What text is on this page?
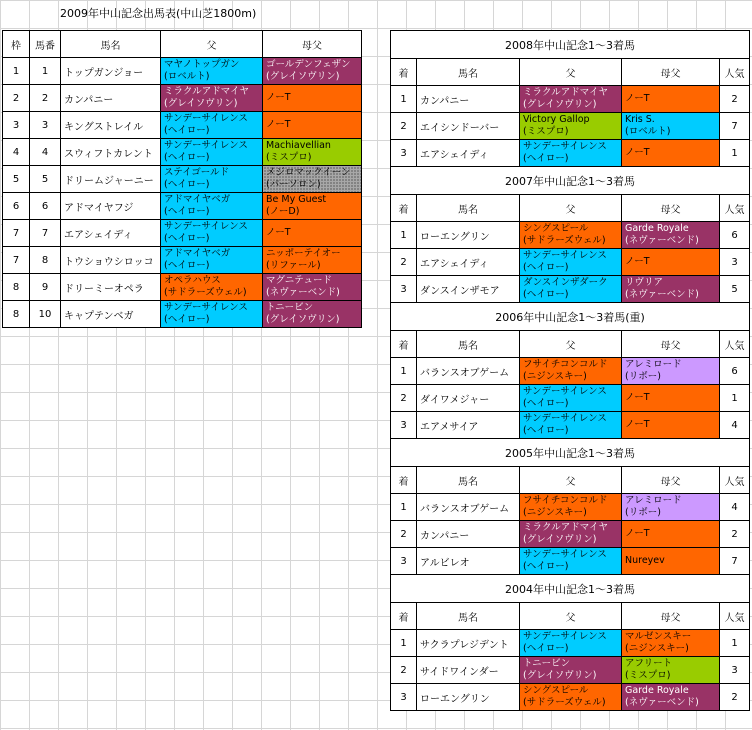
2009年中山記念出馬表(中山芝1800m)
枠	馬番	馬名	父	母父
1	1	トップガンジョー	マヤノトップガン
(ロベルト)	ゴールデンフェザン
(グレイソヴリン)

2	2	カンパニー	ミラクルアドマイヤ
(グレイソヴリン)	ノーT

3	3	キングストレイル	サンデーサイレンス
(ヘイロー)	ノーT

4	4	スウィフトカレント	サンデーサイレンス
(ヘイロー)	Machiavellian
(ミスプロ)

5	5	ドリームジャーニー	ステイゴールド
(ヘイロー)	メジロマックイーン
(パーソロン)

6	6	アドマイヤフジ	アドマイヤベガ
(ヘイロー)	Be My Guest
(ノーD)

7	7	エアシェイディ	サンデーサイレンス
(ヘイロー)	ノーT

7	8	トウショウシロッコ	アドマイヤベガ
(ヘイロー)	ニッポーテイオー
(リファール)

8	9	ドリーミーオペラ	オペラハウス
(サドラーズウェル)	マグニテュード
(ネヴァーベンド)

8	10	キャプテンベガ	サンデーサイレンス
(ヘイロー)	トニービン
(グレイソヴリン)
2008年中山記念1～3着馬				
着	馬名	父	母父	人気
1	カンパニー	ミラクルアドマイヤ
(グレイソヴリン)	ノーT	2
2	エイシンドーバー	Victory Gallop
(ミスプロ)	Kris S.
(ロベルト)	7
3	エアシェイディ	サンデーサイレンス
(ヘイロー)	ノーT	1
2007年中山記念1～3着馬				
着	馬名	父	母父	人気
1	ローエングリン	シングスピール
(サドラーズウェル)	Garde Royale
(ネヴァーベンド)	6
2	エアシェイディ	サンデーサイレンス
(ヘイロー)	ノーT	3
3	ダンスインザモア	ダンスインザダーク
(ヘイロー)	リヴリア
(ネヴァーベンド)	5
2006年中山記念1～3着馬(重)				
着	馬名	父	母父	人気
1	バランスオブゲーム	フサイチコンコルド
(ニジンスキー)	アレミロード
(リボー)	6
2	ダイワメジャー	サンデーサイレンス
(ヘイロー)	ノーT	1
3	エアメサイア	サンデーサイレンス
(ヘイロー)	ノーT	4
2005年中山記念1～3着馬				
着	馬名	父	母父	人気
1	バランスオブゲーム	フサイチコンコルド
(ニジンスキー)	アレミロード
(リボー)	4
2	カンパニー	ミラクルアドマイヤ
(グレイソヴリン)	ノーT	2
3	アルビレオ	サンデーサイレンス
(ヘイロー)	Nureyev	7
2004年中山記念1～3着馬				
着	馬名	父	母父	人気
1	サクラプレジデント	サンデーサイレンス
(ヘイロー)	マルゼンスキー
(ニジンスキー)	1
2	サイドワインダー	トニービン
(グレイソヴリン)	アフリート
(ミスプロ)	3
3	ローエングリン	シングスピール
(サドラーズウェル)	Garde Royale
(ネヴァーベンド)	2
